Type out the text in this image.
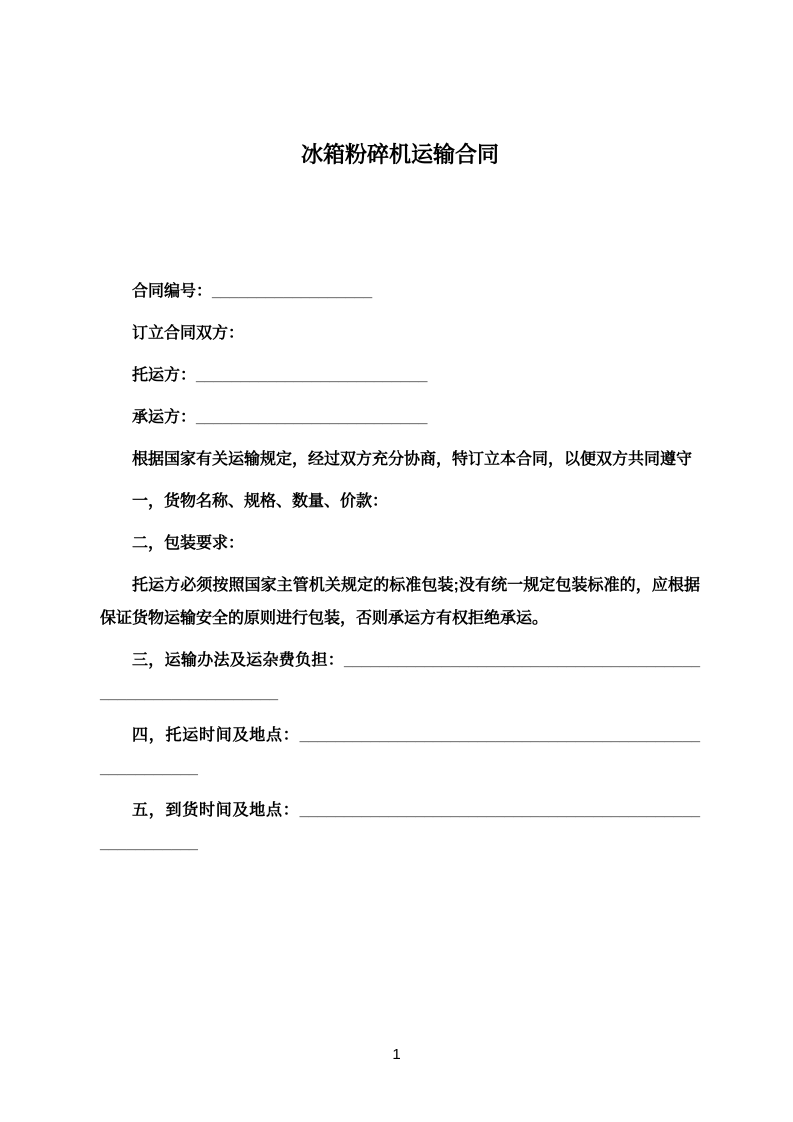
冰箱粉碎机运输合同

合同编号：__________________

订立合同双方：

托运方：__________________________

承运方：__________________________

根据国家有关运输规定，经过双方充分协商，特订立本合同，以便双方共同遵守

一，货物名称、规格、数量、价款：

二，包装要求：

托运方必须按照国家主管机关规定的标准包装;没有统一规定包装标准的，应根据保证货物运输安全的原则进行包装，否则承运方有权拒绝承运。

三，运输办法及运杂费负担：____________________________________________________________

四，托运时间及地点：________________________________________________________

五，到货时间及地点：________________________________________________________

1
